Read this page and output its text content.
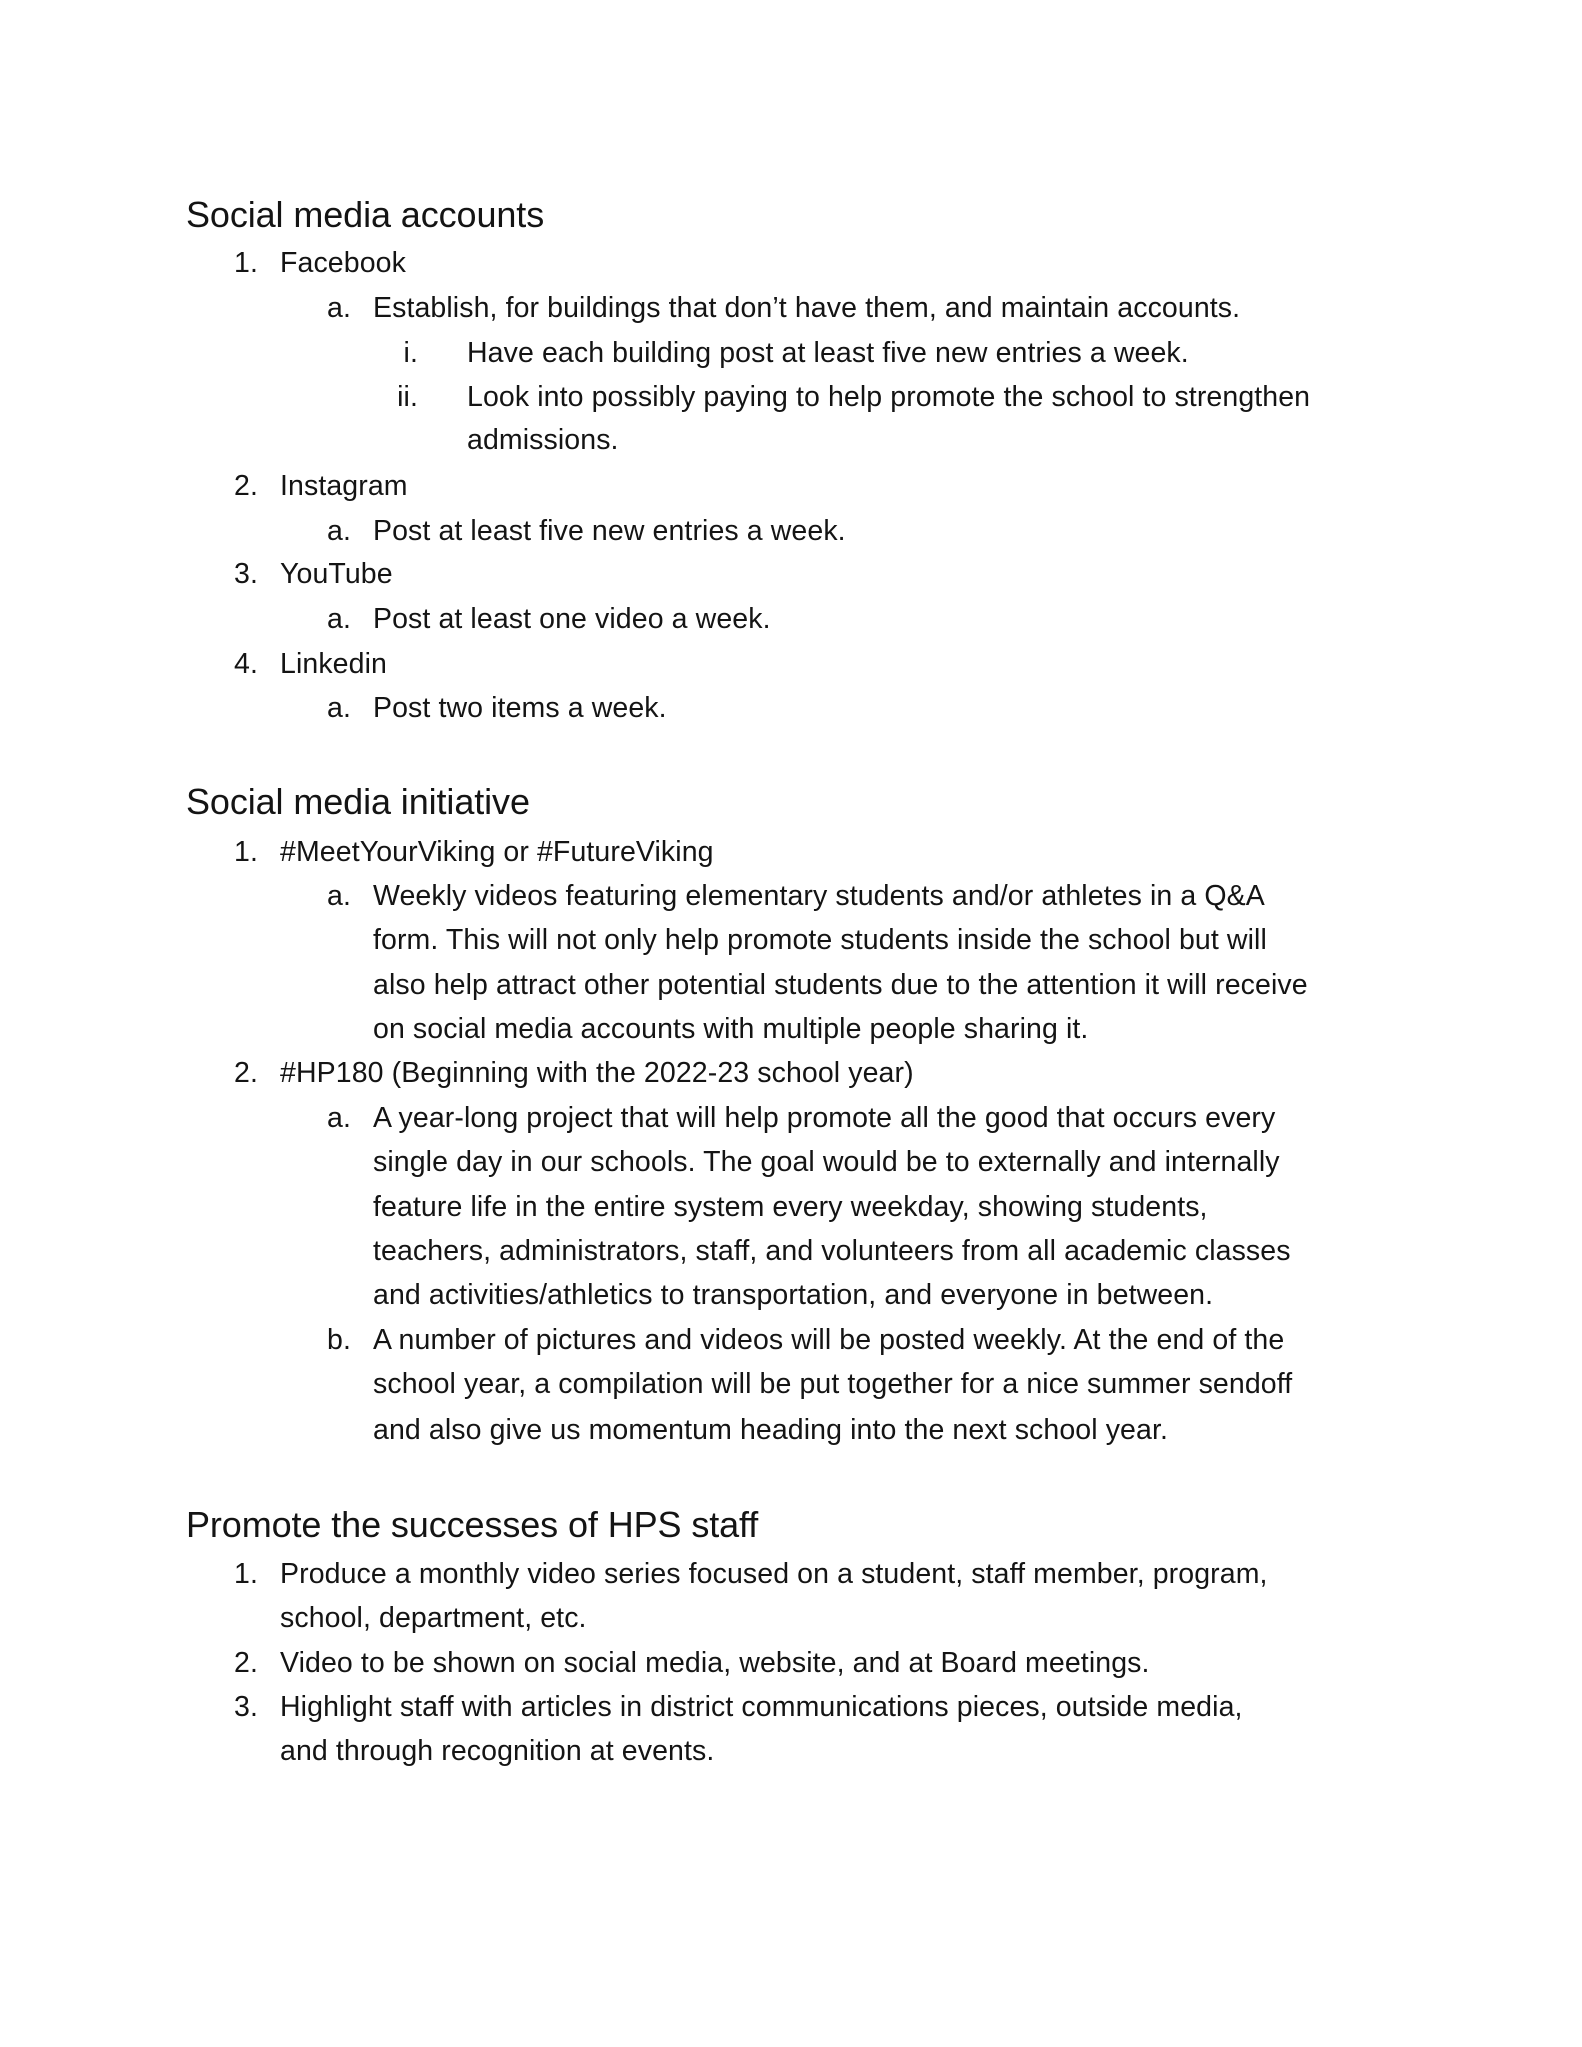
Social media accounts
1. Facebook
a. Establish, for buildings that don’t have them, and maintain accounts.
i. Have each building post at least five new entries a week.
ii. Look into possibly paying to help promote the school to strengthen
admissions.
2. Instagram
a. Post at least five new entries a week.
3. YouTube
a. Post at least one video a week.
4. Linkedin
a. Post two items a week.
Social media initiative
1. #MeetYourViking or #FutureViking
a. Weekly videos featuring elementary students and/or athletes in a Q&A
form. This will not only help promote students inside the school but will
also help attract other potential students due to the attention it will receive
on social media accounts with multiple people sharing it.
2. #HP180 (Beginning with the 2022-23 school year)
a. A year-long project that will help promote all the good that occurs every
single day in our schools. The goal would be to externally and internally
feature life in the entire system every weekday, showing students,
teachers, administrators, staff, and volunteers from all academic classes
and activities/athletics to transportation, and everyone in between.
b. A number of pictures and videos will be posted weekly. At the end of the
school year, a compilation will be put together for a nice summer sendoff
and also give us momentum heading into the next school year.
Promote the successes of HPS staff
1. Produce a monthly video series focused on a student, staff member, program,
school, department, etc.
2. Video to be shown on social media, website, and at Board meetings.
3. Highlight staff with articles in district communications pieces, outside media,
and through recognition at events.
